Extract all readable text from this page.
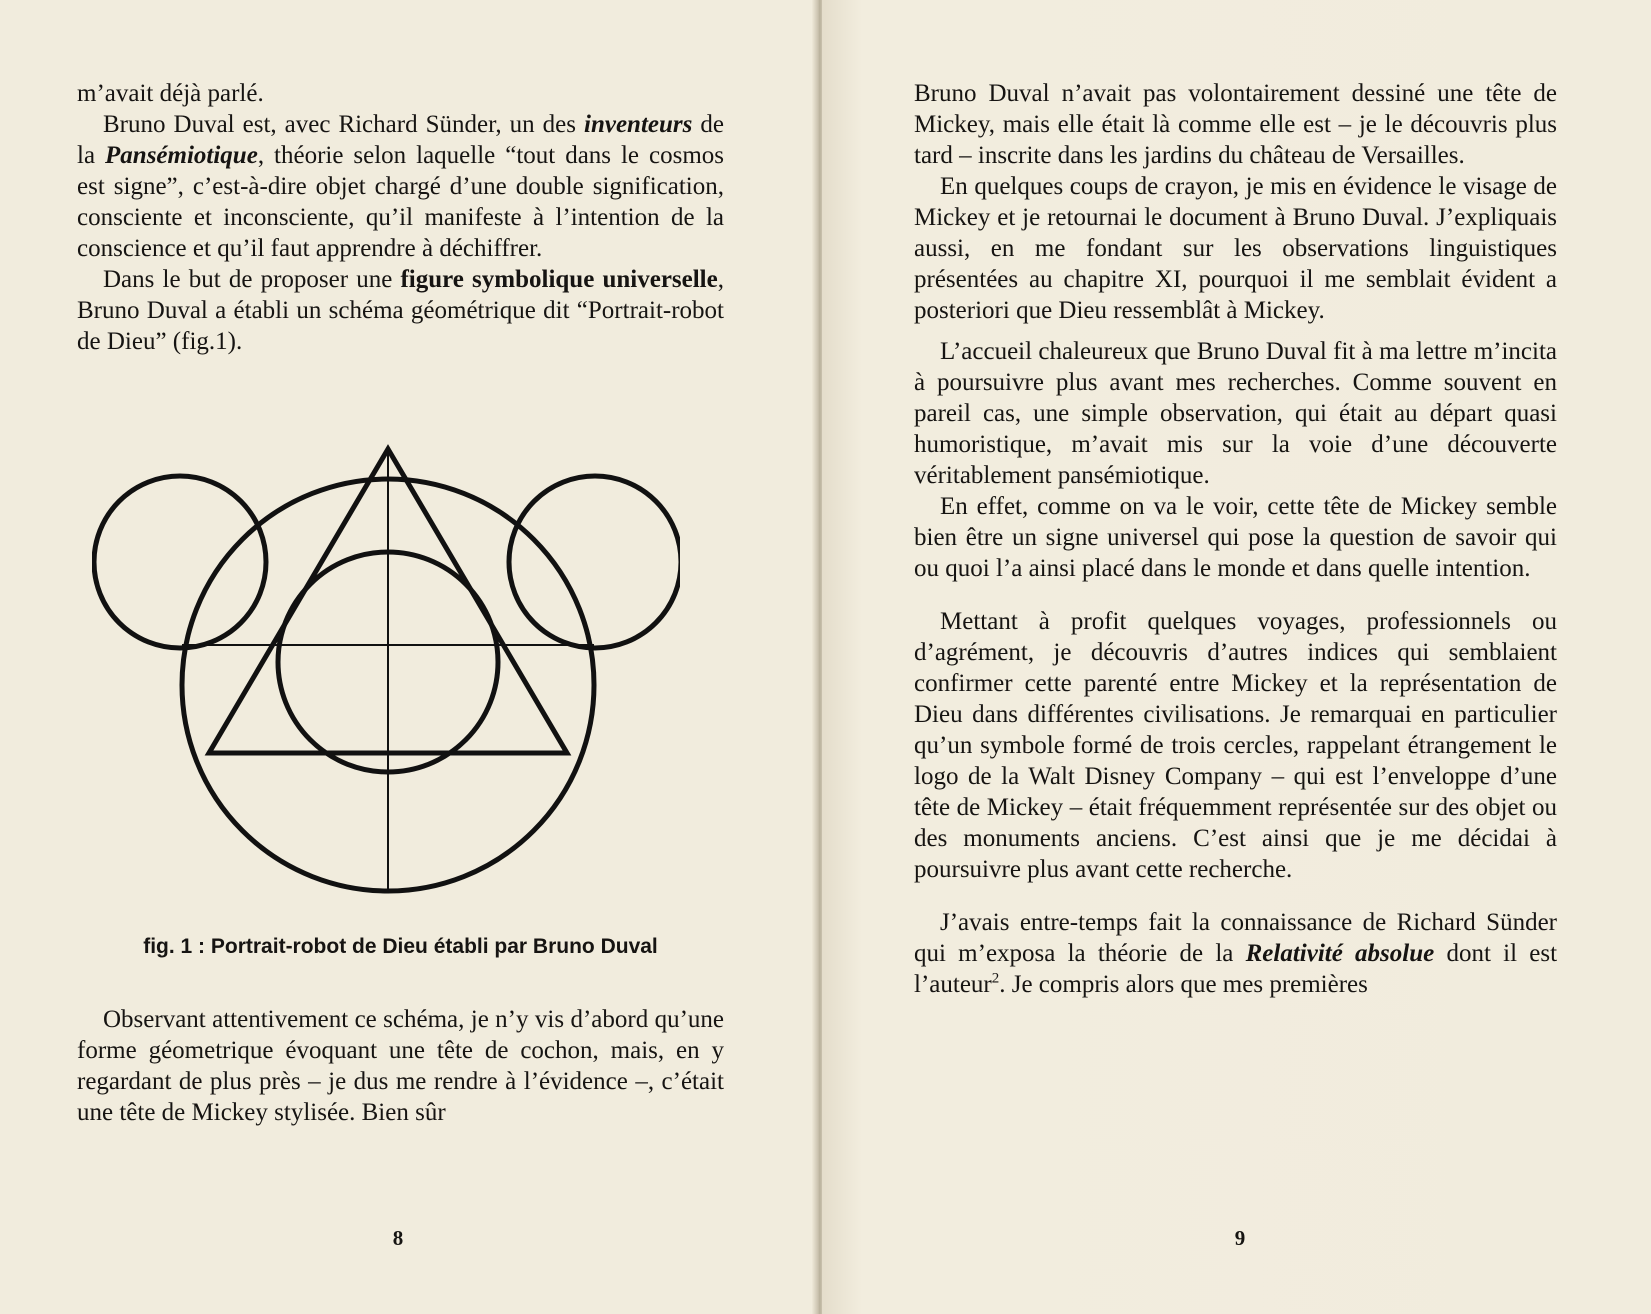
m’avait déjà parlé.

Bruno Duval est, avec Richard Sünder, un des inventeurs de la Pansémiotique, théorie selon laquelle “tout dans le cosmos est signe”, c’est-à-dire objet chargé d’une double signification, consciente et inconsciente, qu’il manifeste à l’intention de la conscience et qu’il faut apprendre à déchiffrer.

Dans le but de proposer une figure symbolique universelle, Bruno Duval a établi un schéma géométrique dit “Portrait-robot de Dieu” (fig.1).

fig. 1 : Portrait-robot de Dieu établi par Bruno Duval

Observant attentivement ce schéma, je n’y vis d’abord qu’une forme géometrique évoquant une tête de cochon, mais, en y regardant de plus près – je dus me rendre à l’évidence –, c’était une tête de Mickey stylisée. Bien sûr

8

Bruno Duval n’avait pas volontairement dessiné une tête de Mickey, mais elle était là comme elle est – je le découvris plus tard – inscrite dans les jardins du château de Versailles.

En quelques coups de crayon, je mis en évidence le visage de Mickey et je retournai le document à Bruno Duval. J’expliquais aussi, en me fondant sur les observations linguistiques présentées au chapitre XI, pourquoi il me semblait évident a posteriori que Dieu ressemblât à Mickey.

L’accueil chaleureux que Bruno Duval fit à ma lettre m’incita à poursuivre plus avant mes recherches. Comme souvent en pareil cas, une simple observation, qui était au départ quasi humoristique, m’avait mis sur la voie d’une découverte véritablement pansémiotique.

En effet, comme on va le voir, cette tête de Mickey semble bien être un signe universel qui pose la question de savoir qui ou quoi l’a ainsi placé dans le monde et dans quelle intention.

Mettant à profit quelques voyages, professionnels ou d’agrément, je découvris d’autres indices qui semblaient confirmer cette parenté entre Mickey et la représentation de Dieu dans différentes civilisations. Je remarquai en particulier qu’un symbole formé de trois cercles, rappelant étrangement le logo de la Walt Disney Company – qui est l’enveloppe d’une tête de Mickey – était fréquemment représentée sur des objet ou des monuments anciens. C’est ainsi que je me décidai à poursuivre plus avant cette recherche.

J’avais entre-temps fait la connaissance de Richard Sünder qui m’exposa la théorie de la Relativité absolue dont il est l’auteur$^2$. Je compris alors que mes premières

9
